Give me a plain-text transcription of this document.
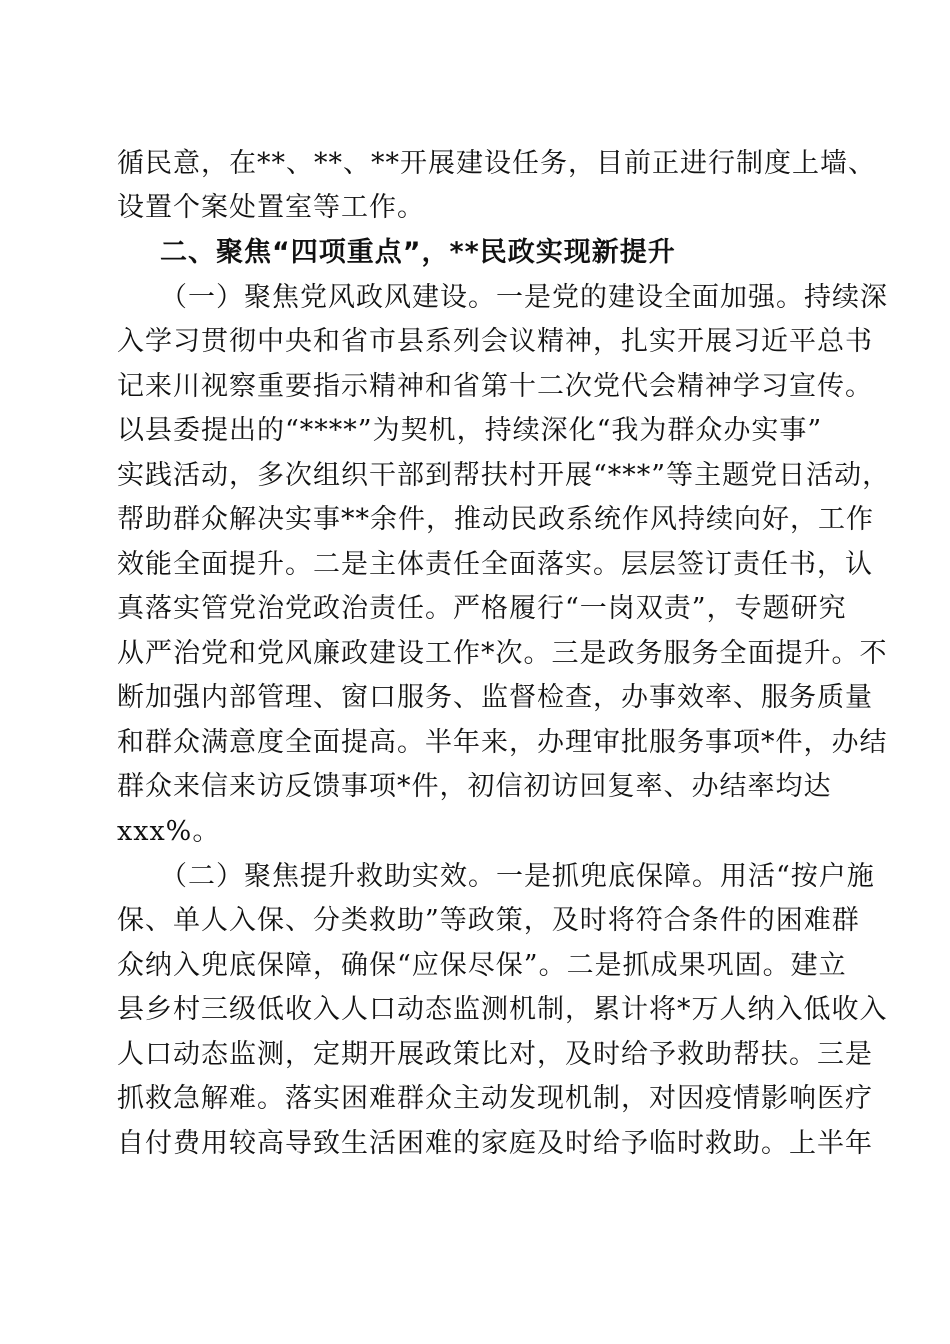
循民意，在**、**、**开展建设任务，目前正进行制度上墙、
设置个案处置室等工作。
二、聚焦“四项重点”，**民政实现新提升
（一）聚焦党风政风建设。一是党的建设全面加强。持续深
入学习贯彻中央和省市县系列会议精神，扎实开展习近平总书
记来川视察重要指示精神和省第十二次党代会精神学习宣传。
以县委提出的“****”为契机，持续深化“我为群众办实事”
实践活动，多次组织干部到帮扶村开展“***”等主题党日活动，
帮助群众解决实事**余件，推动民政系统作风持续向好，工作
效能全面提升。二是主体责任全面落实。层层签订责任书，认
真落实管党治党政治责任。严格履行“一岗双责”，专题研究
从严治党和党风廉政建设工作*次。三是政务服务全面提升。不
断加强内部管理、窗口服务、监督检查，办事效率、服务质量
和群众满意度全面提高。半年来，办理审批服务事项*件，办结
群众来信来访反馈事项*件，初信初访回复率、办结率均达
xxx%。
（二）聚焦提升救助实效。一是抓兜底保障。用活“按户施
保、单人入保、分类救助”等政策，及时将符合条件的困难群
众纳入兜底保障，确保“应保尽保”。二是抓成果巩固。建立
县乡村三级低收入人口动态监测机制，累计将*万人纳入低收入
人口动态监测，定期开展政策比对，及时给予救助帮扶。三是
抓救急解难。落实困难群众主动发现机制，对因疫情影响医疗
自付费用较高导致生活困难的家庭及时给予临时救助。上半年
